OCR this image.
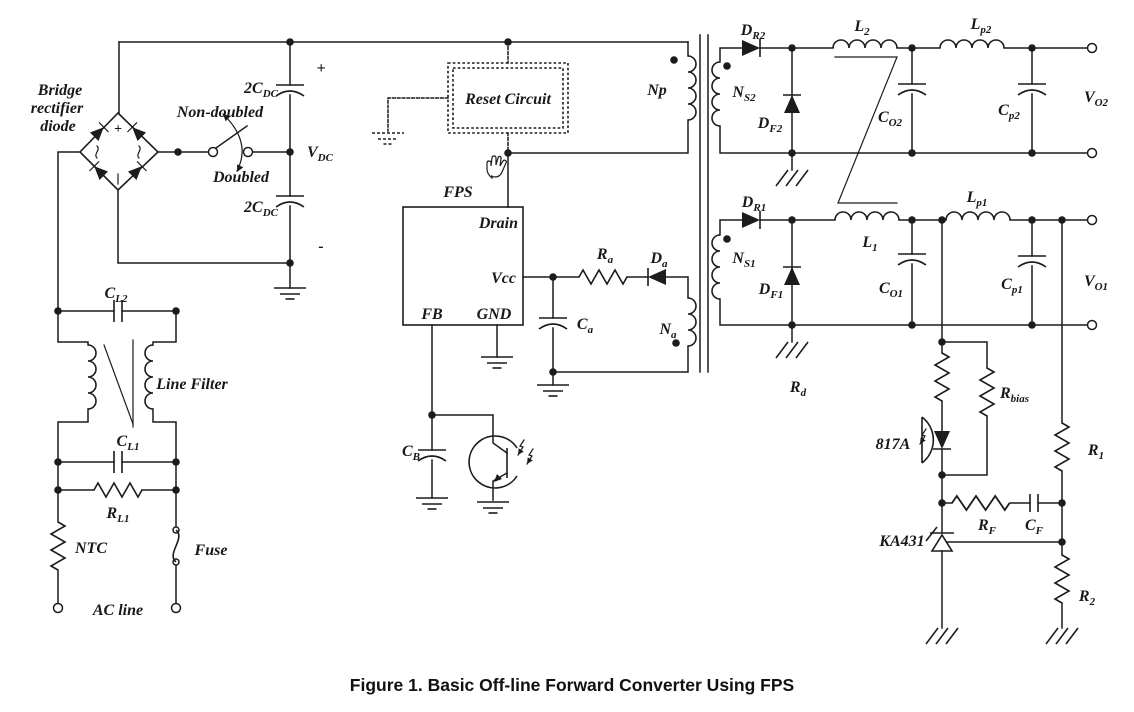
+
Bridge
rectifier
diode
Non-doubled
Doubled
$2C_{DC}$
$2C_{DC}$
+
-
$V_{DC}$
$C_{L2}$
Line Filter
$C_{L1}$
$R_{L1}$
NTC	Fuse
AC line
Reset Circuit
FPS
Drain
Vcc
FB GND
$R_a$ $D_a$
$C_a$	$N_a$
$C_B$
Np	$N_{S2}$
$N_{S1}$
$D_{R2}$
$D_{F2}$
$D_{R1}$
$D_{F1}$
$L_2$	$L_{p2}$
$C_{O2}$
$C_{p2}$
$V_{O2}$
$L_1$
$L_{p1}$
$C_{O1}$
$C_{p1}$	$V_{O1}$
$R_d$	$R_{bias}$
817A	$R_1$
$R_F$ $C_F$
KA431
$R_2$
Figure 1. Basic Off-line Forward Converter Using FPS
